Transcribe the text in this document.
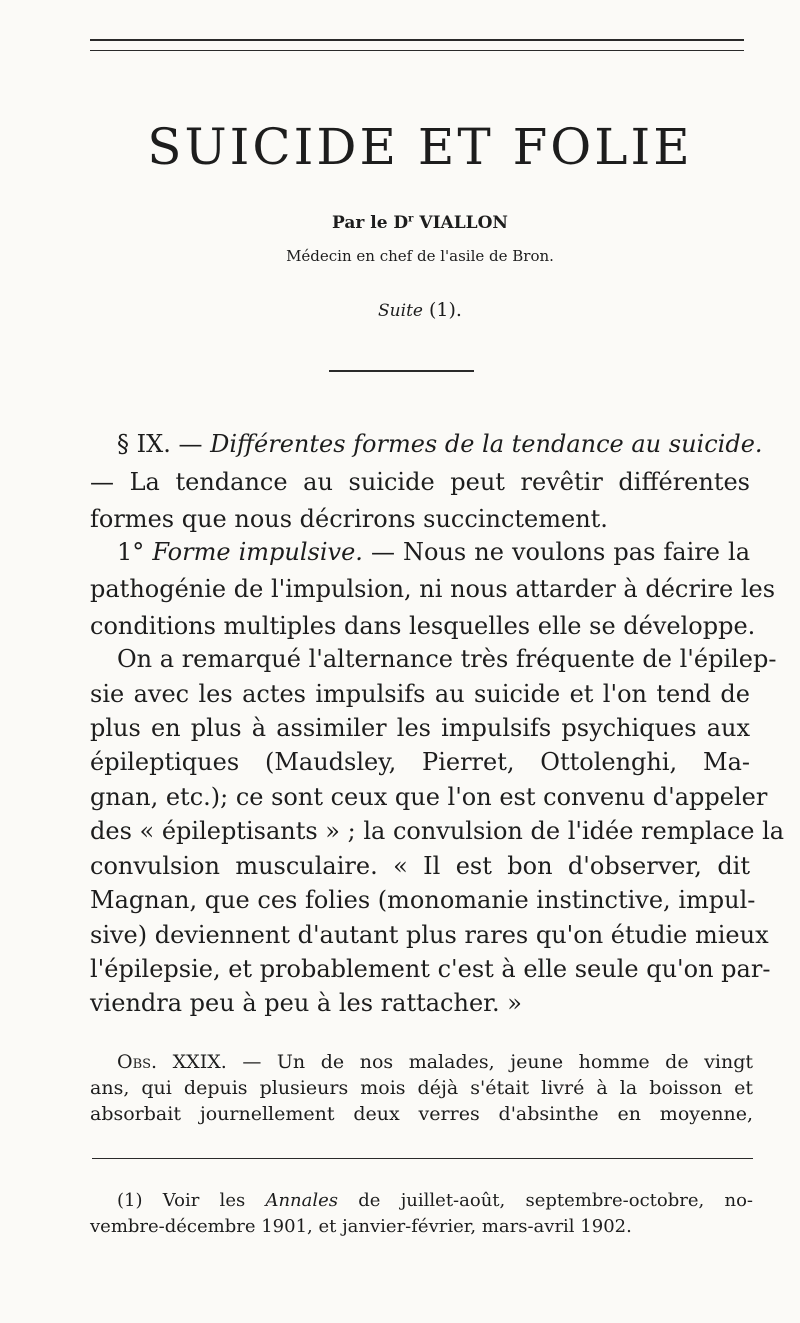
SUICIDE ET FOLIE

Par le $D^r$ VIALLON

Médecin en chef de l'asile de Bron.

Suite (1).

§ IX. — Différentes formes de la tendance au suicide.

— La tendance au suicide peut revêtir différentes

formes que nous décrirons succinctement.

1° Forme impulsive. — Nous ne voulons pas faire la

pathogénie de l'impulsion, ni nous attarder à décrire les

conditions multiples dans lesquelles elle se développe.

On a remarqué l'alternance très fréquente de l'épilep-

sie avec les actes impulsifs au suicide et l'on tend de

plus en plus à assimiler les impulsifs psychiques aux

épileptiques (Maudsley, Pierret, Ottolenghi, Ma-

gnan, etc.); ce sont ceux que l'on est convenu d'appeler

des « épileptisants » ; la convulsion de l'idée remplace la

convulsion musculaire. « Il est bon d'observer, dit

Magnan, que ces folies (monomanie instinctive, impul-

sive) deviennent d'autant plus rares qu'on étudie mieux

l'épilepsie, et probablement c'est à elle seule qu'on par-

viendra peu à peu à les rattacher. »

Obs. XXIX. — Un de nos malades, jeune homme de vingt

ans, qui depuis plusieurs mois déjà s'était livré à la boisson et

absorbait journellement deux verres d'absinthe en moyenne,

(1) Voir les Annales de juillet-août, septembre-octobre, no-

vembre-décembre 1901, et janvier-février, mars-avril 1902.
